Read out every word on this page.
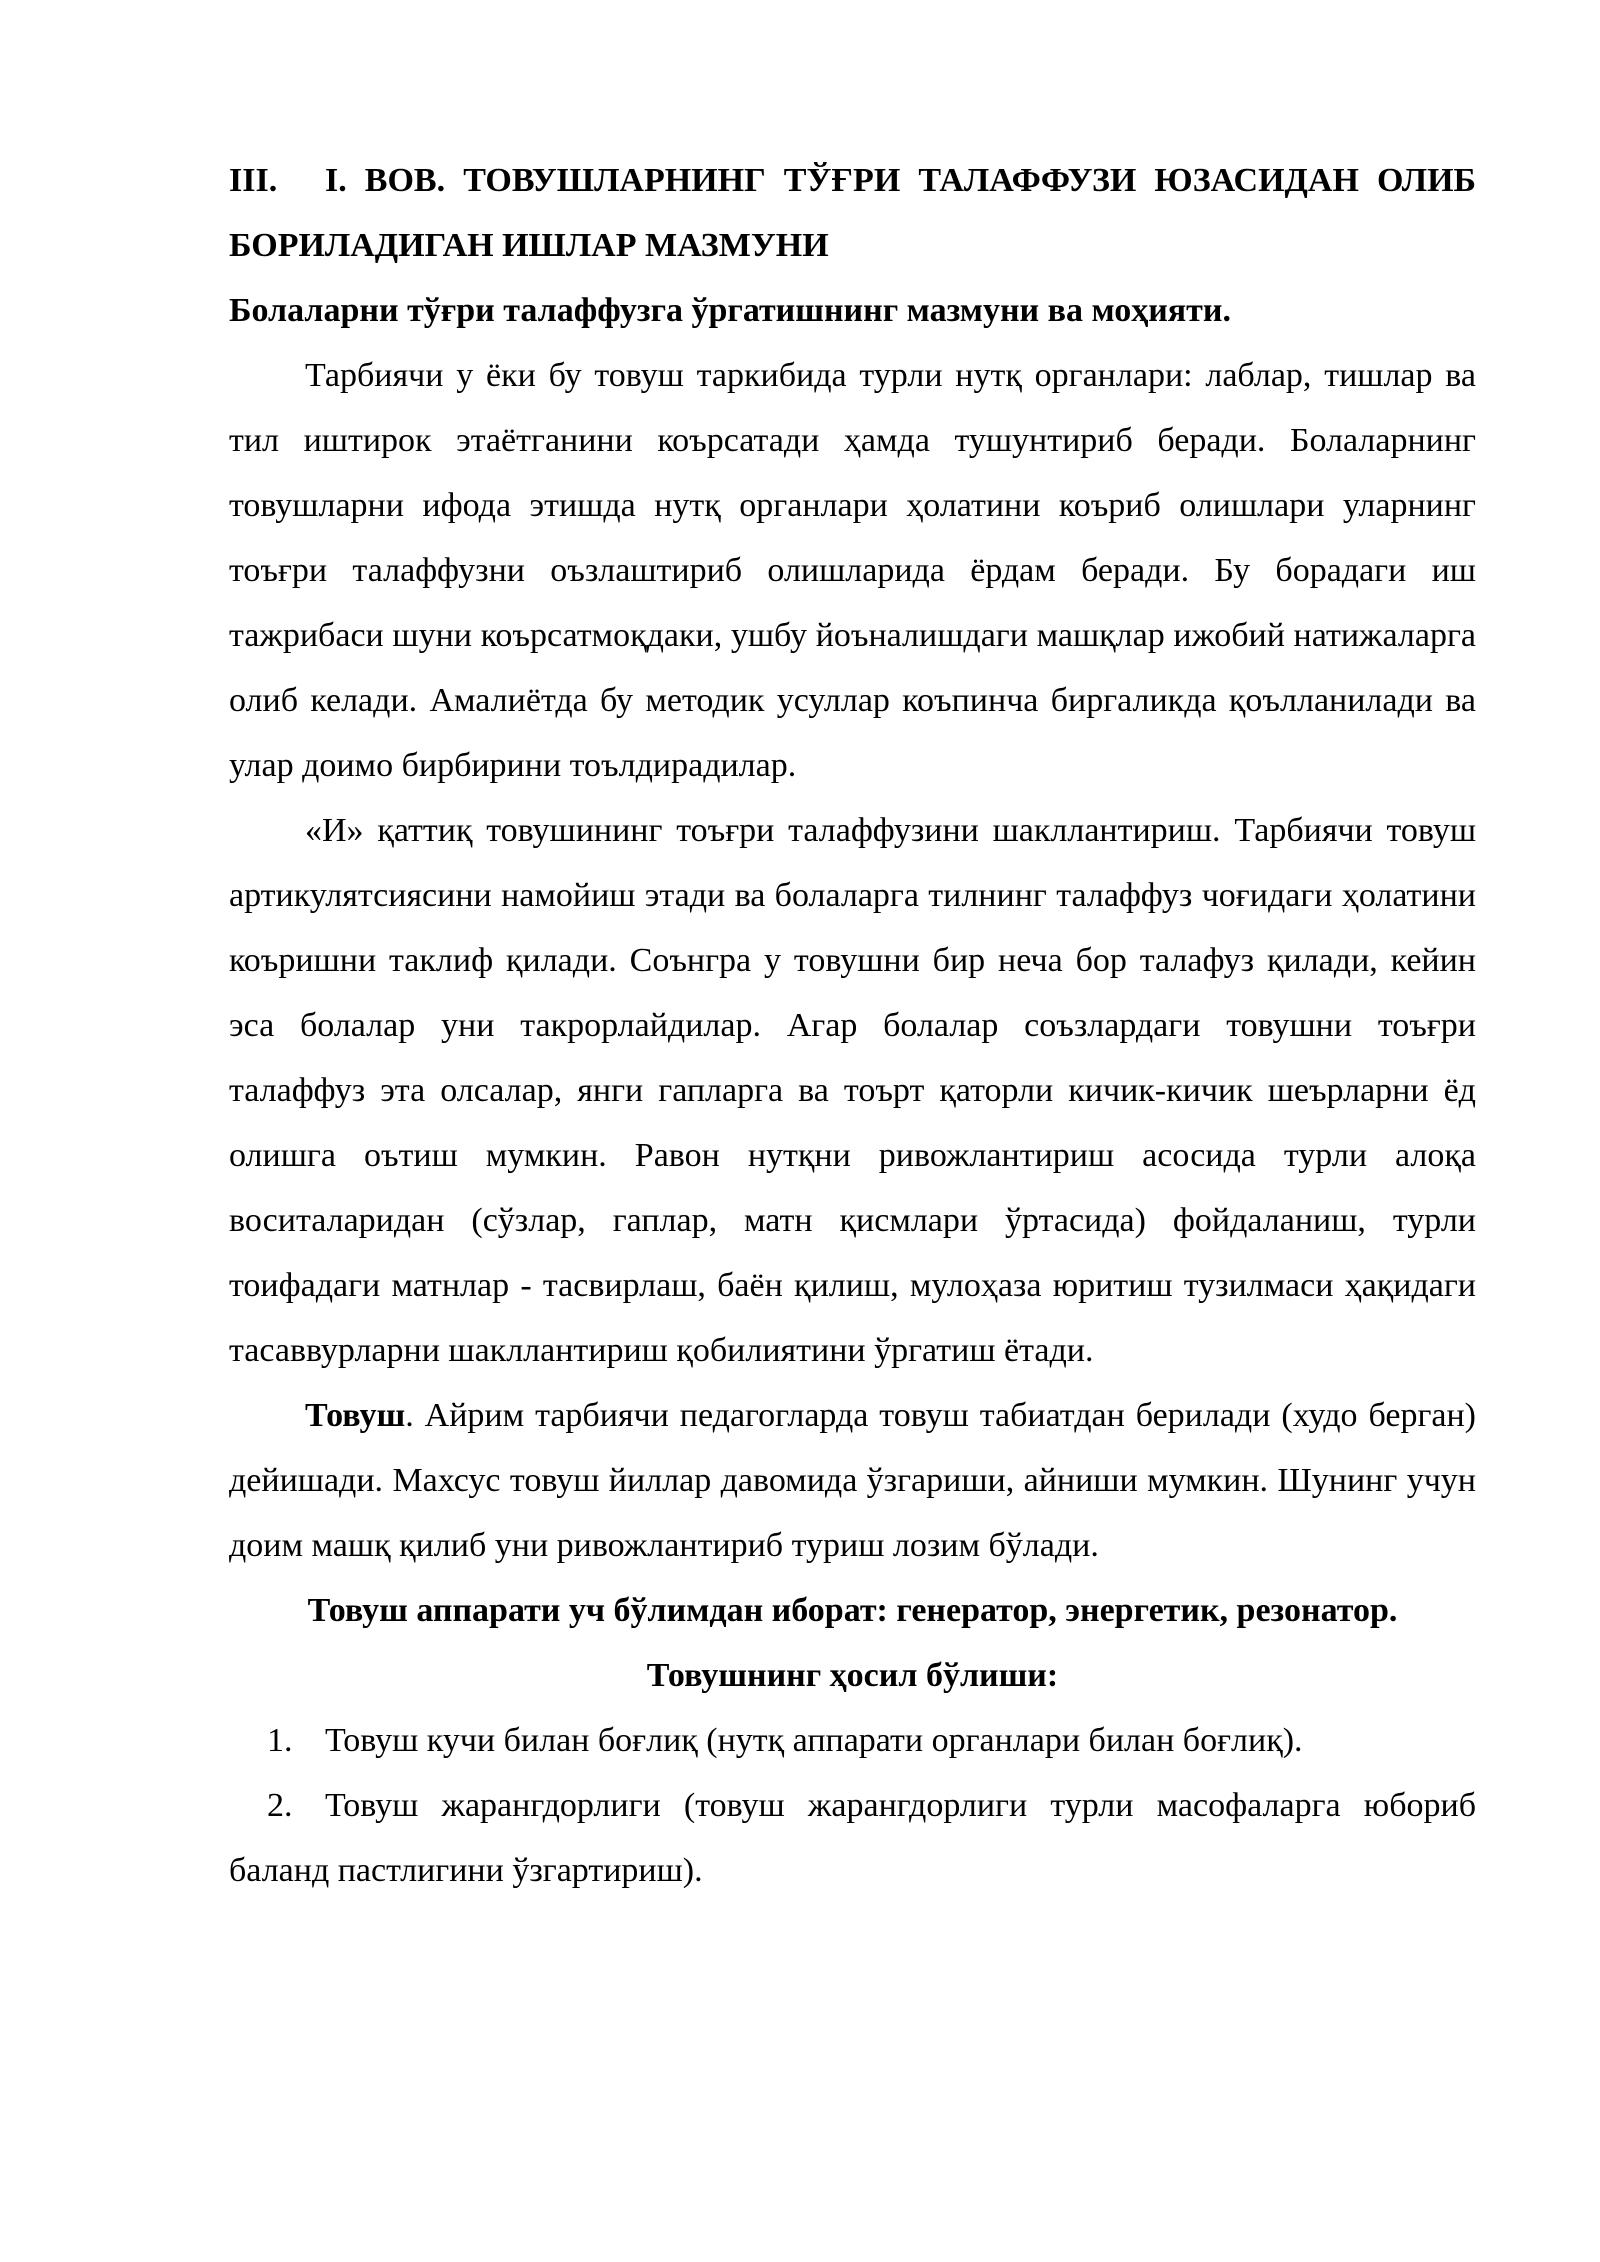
III. I. ВОВ. ТОВУШЛАРНИНГ ТЎҒРИ ТАЛАФФУЗИ ЮЗАСИДАН ОЛИБ БОРИЛАДИГАН ИШЛАР МАЗМУНИ

Болаларни тўғри талаффузга ўргатишнинг мазмуни ва моҳияти.

Тарбиячи у ёки бу товуш таркибида турли нутқ органлари: лаблар, тишлар ва тил иштирок этаётганини коърсатади ҳамда тушунтириб беради. Болаларнинг товушларни ифода этишда нутқ органлари ҳолатини коъриб олишлари уларнинг тоъғри талаффузни оъзлаштириб олишларида ёрдам беради. Бу борадаги иш тажрибаси шуни коърсатмоқдаки, ушбу йоъналишдаги машқлар ижобий натижаларга олиб келади. Амалиётда бу методик усуллар коъпинча биргаликда қоълланилади ва улар доимо бирбирини тоълдирадилар.

«И» қаттиқ товушининг тоъғри талаффузини шакллантириш. Тарбиячи товуш артикулятсиясини намойиш этади ва болаларга тилнинг талаффуз чоғидаги ҳолатини коъришни таклиф қилади. Соънгра у товушни бир неча бор талафуз қилади, кейин эса болалар уни такрорлайдилар. Агар болалар соъзлардаги товушни тоъғри талаффуз эта олсалар, янги гапларга ва тоърт қаторли кичик-кичик шеърларни ёд олишга оътиш мумкин. Равон нутқни ривожлантириш асосида турли алоқа воситаларидан (сўзлар, гаплар, матн қисмлари ўртасида) фойдаланиш, турли тоифадаги матнлар - тасвирлаш, баён қилиш, мулоҳаза юритиш тузилмаси ҳақидаги тасаввурларни шакллантириш қобилиятини ўргатиш ётади.

Товуш. Айрим тарбиячи педагогларда товуш табиатдан берилади (худо берган) дейишади. Махсус товуш йиллар давомида ўзгариши, айниши мумкин. Шунинг учун доим машқ қилиб уни ривожлантириб туриш лозим бўлади.

Товуш аппарати уч бўлимдан иборат: генератор, энергетик, резонатор.

Товушнинг ҳосил бўлиши:

1. Товуш кучи билан боғлиқ (нутқ аппарати органлари билан боғлиқ).
2. Товуш жарангдорлиги (товуш жарангдорлиги турли масофаларга юбориб баланд пастлигини ўзгартириш).
